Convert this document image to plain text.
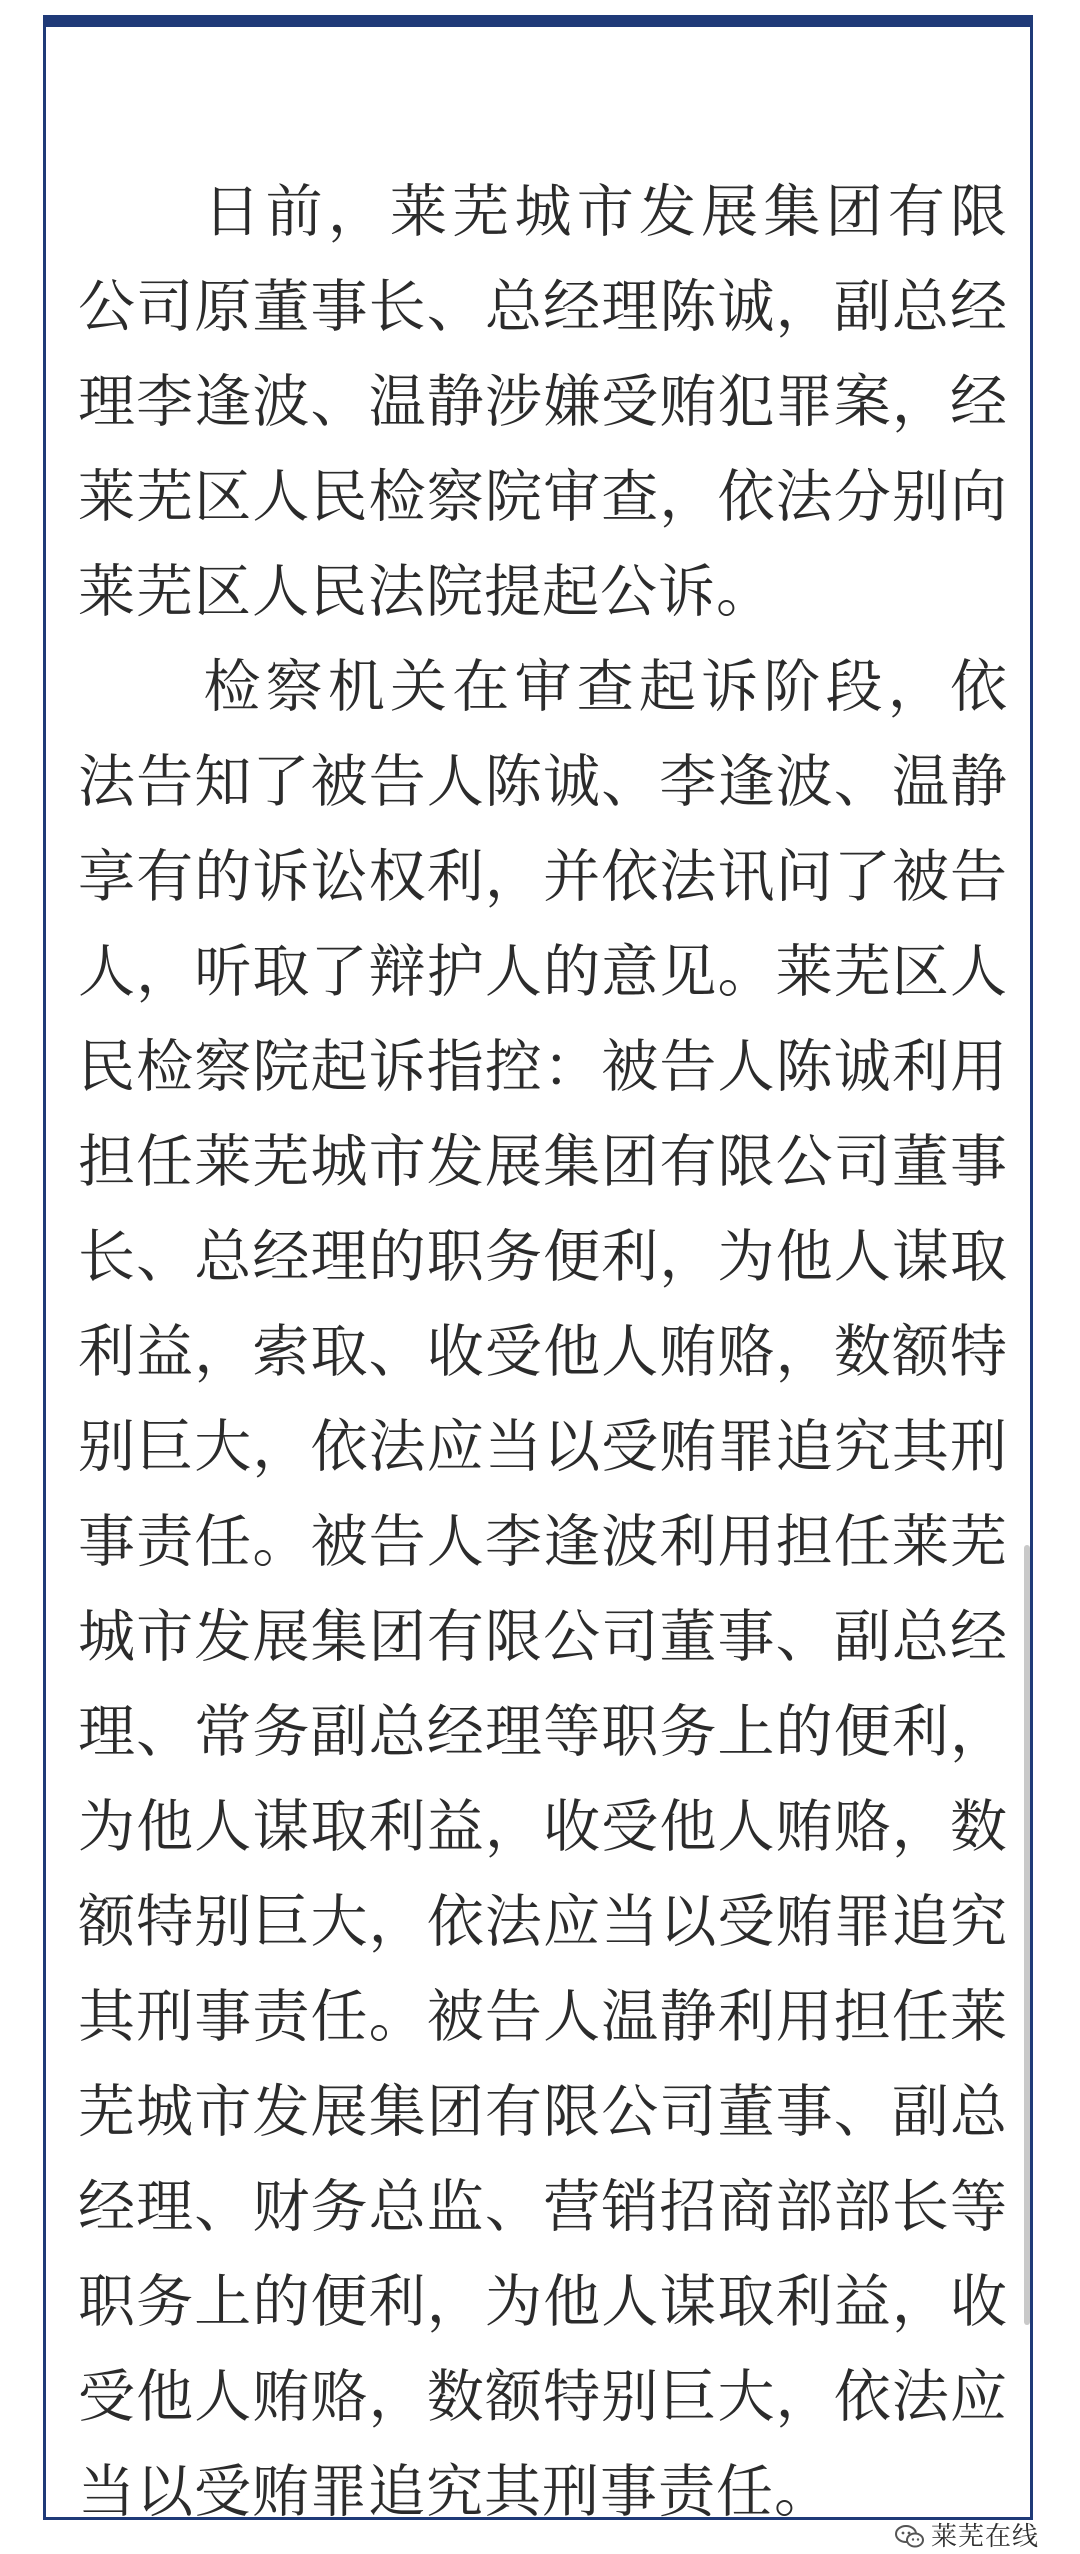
日前，莱芜城市发展集团有限公司原董事长、总经理陈诚，副总经理李逢波、温静涉嫌受贿犯罪案，经莱芜区人民检察院审查，依法分别向莱芜区人民法院提起公诉。

检察机关在审查起诉阶段，依法告知了被告人陈诚、李逢波、温静享有的诉讼权利，并依法讯问了被告人，听取了辩护人的意见。莱芜区人民检察院起诉指控：被告人陈诚利用担任莱芜城市发展集团有限公司董事长、总经理的职务便利，为他人谋取利益，索取、收受他人贿赂，数额特别巨大，依法应当以受贿罪追究其刑事责任。被告人李逢波利用担任莱芜城市发展集团有限公司董事、副总经理、常务副总经理等职务上的便利，为他人谋取利益，收受他人贿赂，数额特别巨大，依法应当以受贿罪追究其刑事责任。被告人温静利用担任莱芜城市发展集团有限公司董事、副总经理、财务总监、营销招商部部长等职务上的便利，为他人谋取利益，收受他人贿赂，数额特别巨大，依法应当以受贿罪追究其刑事责任。

莱芜在线
